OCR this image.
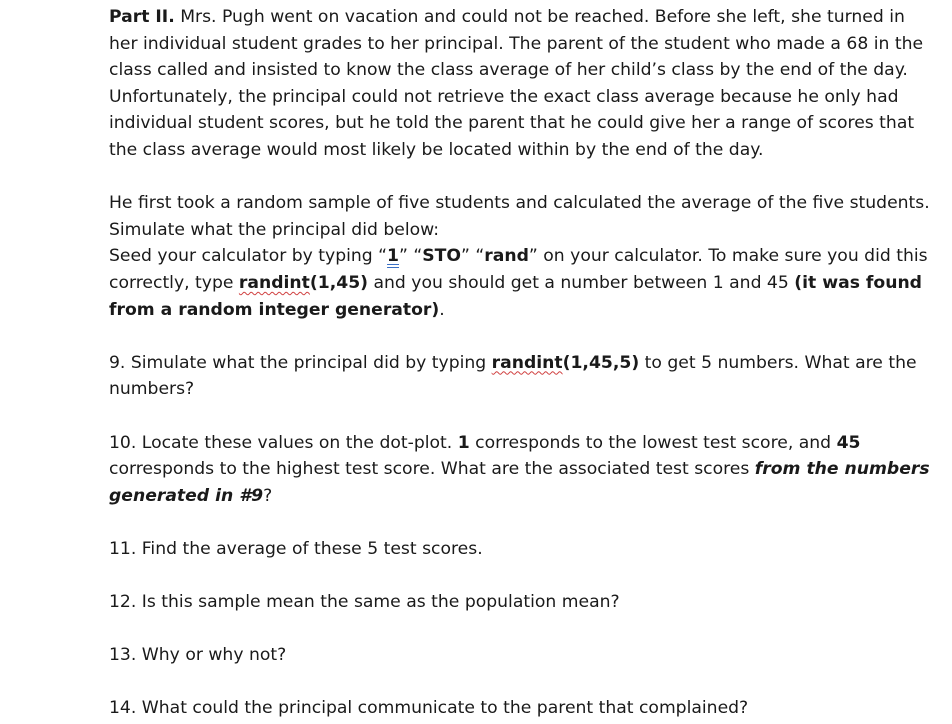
Part II. Mrs. Pugh went on vacation and could not be reached. Before she left, she turned in
her individual student grades to her principal. The parent of the student who made a 68 in the
class called and insisted to know the class average of her child’s class by the end of the day.
Unfortunately, the principal could not retrieve the exact class average because he only had
individual student scores, but he told the parent that he could give her a range of scores that
the class average would most likely be located within by the end of the day.

He first took a random sample of five students and calculated the average of the five students.
Simulate what the principal did below:
Seed your calculator by typing “1” “STO” “rand” on your calculator. To make sure you did this
correctly, type randint(1,45) and you should get a number between 1 and 45 (it was found
from a random integer generator).

9. Simulate what the principal did by typing randint(1,45,5) to get 5 numbers. What are the
numbers?

10. Locate these values on the dot-plot. 1 corresponds to the lowest test score, and 45
corresponds to the highest test score. What are the associated test scores from the numbers
generated in #9?

11. Find the average of these 5 test scores.

12. Is this sample mean the same as the population mean?

13. Why or why not?

14. What could the principal communicate to the parent that complained?
